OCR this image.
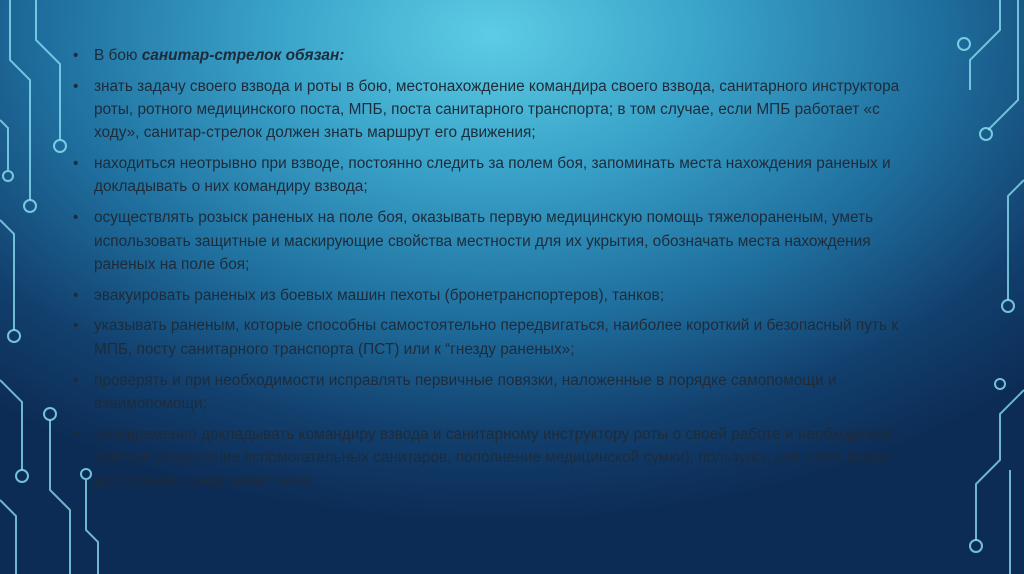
• В бою санитар-стрелок обязан:
• знать задачу своего взвода и роты в бою, местонахождение командира своего взвода, санитарного инструктора роты, ротного медицинского поста, МПБ, поста санитарного транспорта; в том случае, если МПБ работает «с ходу», санитар-стрелок должен знать маршрут его движения;
• находиться неотрывно при взводе, постоянно следить за полем боя, запоминать места нахождения раненых и докладывать о них командиру взвода;
• осуществлять розыск раненых на поле боя, оказывать первую медицинскую помощь тяжелораненым, уметь использовать защитные и маскирующие свойства местности для их укрытия, обозначать места нахождения раненых на поле боя;
• эвакуировать раненых из боевых машин пехоты (бронетранспортеров), танков;
• указывать раненым, которые способны самостоятельно передвигаться, наиболее короткий и безопасный путь к МПБ, посту санитарного транспорта (ПСТ) или к “гнезду раненых»;
• проверять и при необходимости исправлять первичные повязки, наложенные в порядке самопомощи и взаимопомощи;
• своевременно докладывать командиру взвода и санитарному инструктору роты о своей работе и необходимой помощи (выделение вспомогательных санитаров, пополнение медицинской сумки), пользуясь для этого всеми доступными средствами связи.
•
